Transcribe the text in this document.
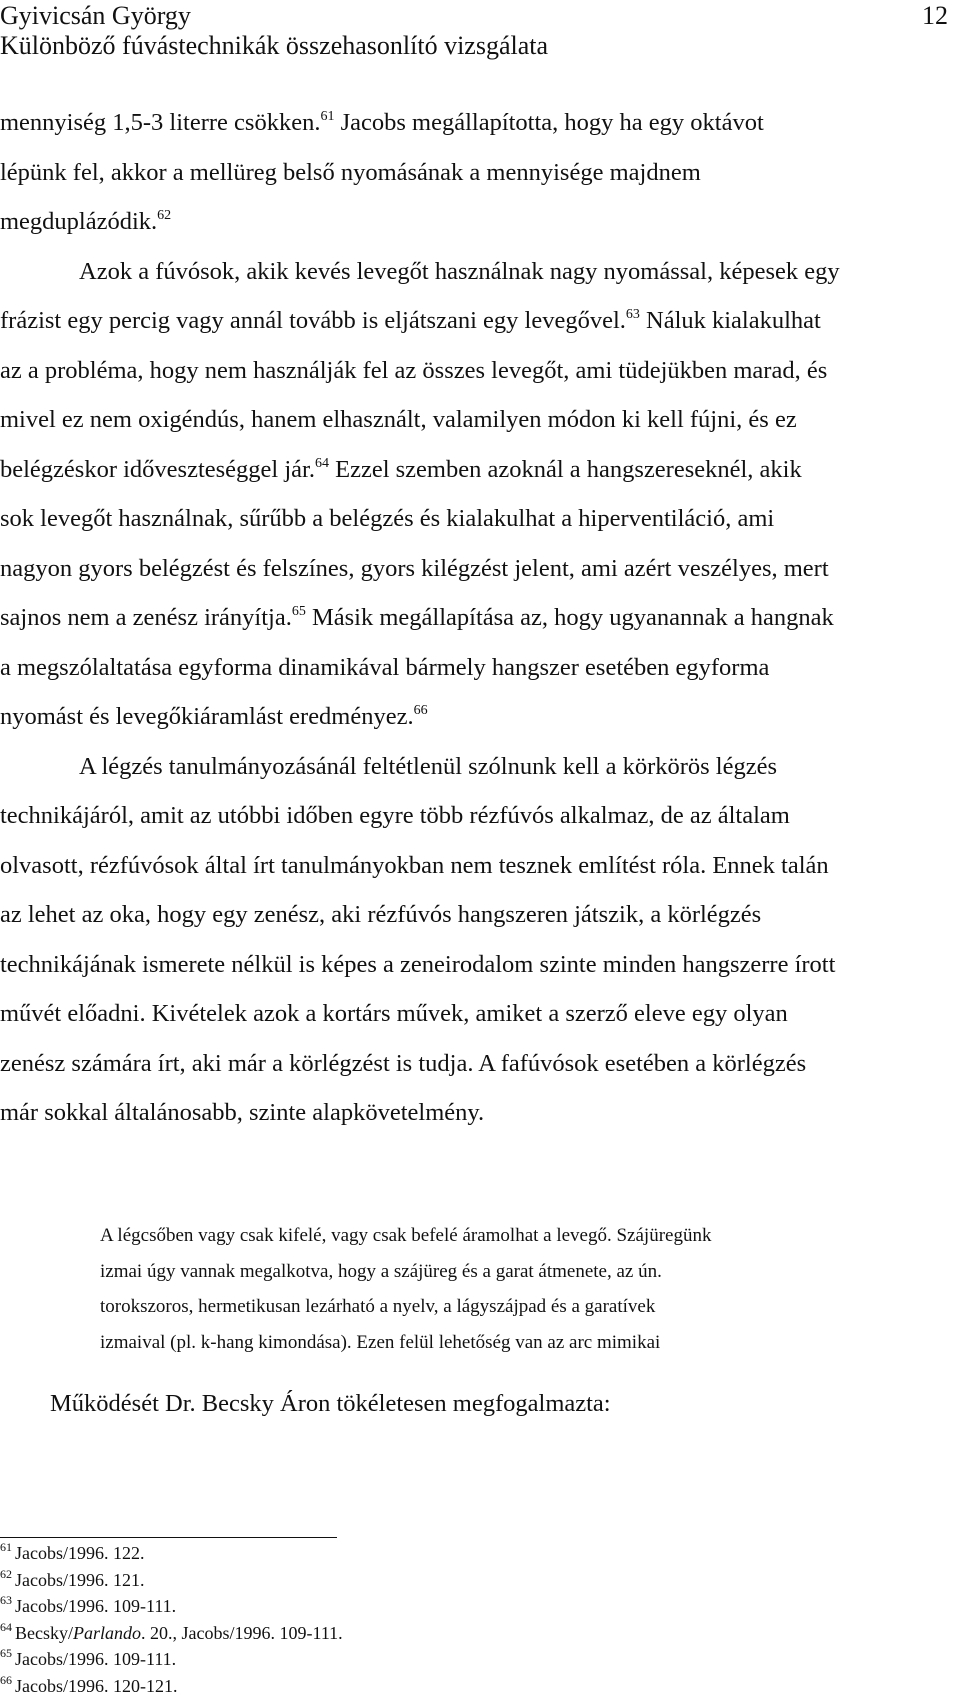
Gyivicsán György	12
Különböző fúvástechnikák összehasonlító vizsgálata

mennyiség 1,5-3 literre csökken.$^{61}$ Jacobs megállapította, hogy ha egy oktávot
lépünk fel, akkor a mellüreg belső nyomásának a mennyisége majdnem
megduplázódik.$^{62}$

Azok a fúvósok, akik kevés levegőt használnak nagy nyomással, képesek egy
frázist egy percig vagy annál tovább is eljátszani egy levegővel.$^{63}$ Náluk kialakulhat
az a probléma, hogy nem használják fel az összes levegőt, ami tüdejükben marad, és
mivel ez nem oxigéndús, hanem elhasznált, valamilyen módon ki kell fújni, és ez
belégzéskor időveszteséggel jár.$^{64}$ Ezzel szemben azoknál a hangszereseknél, akik
sok levegőt használnak, sűrűbb a belégzés és kialakulhat a hiperventiláció, ami
nagyon gyors belégzést és felszínes, gyors kilégzést jelent, ami azért veszélyes, mert
sajnos nem a zenész irányítja.$^{65}$ Másik megállapítása az, hogy ugyanannak a hangnak
a megszólaltatása egyforma dinamikával bármely hangszer esetében egyforma
nyomást és levegőkiáramlást eredményez.$^{66}$

A légzés tanulmányozásánál feltétlenül szólnunk kell a körkörös légzés
technikájáról, amit az utóbbi időben egyre több rézfúvós alkalmaz, de az általam
olvasott, rézfúvósok által írt tanulmányokban nem tesznek említést róla. Ennek talán
az lehet az oka, hogy egy zenész, aki rézfúvós hangszeren játszik, a körlégzés
technikájának ismerete nélkül is képes a zeneirodalom szinte minden hangszerre írott
művét előadni. Kivételek azok a kortárs művek, amiket a szerző eleve egy olyan
zenész számára írt, aki már a körlégzést is tudja. A fafúvósok esetében a körlégzés
már sokkal általánosabb, szinte alapkövetelmény.

Működését Dr. Becsky Áron tökéletesen megfogalmazta:

A légcsőben vagy csak kifelé, vagy csak befelé áramolhat a levegő. Szájüregünk
izmai úgy vannak megalkotva, hogy a szájüreg és a garat átmenete, az ún.
torokszoros, hermetikusan lezárható a nyelv, a lágyszájpad és a garatívek
izmaival (pl. k-hang kimondása). Ezen felül lehetőség van az arc mimikai
$^{61}$ Jacobs/1996. 122.
$^{62}$ Jacobs/1996. 121.
$^{63}$ Jacobs/1996. 109-111.
$^{64}$ Becsky/Parlando. 20., Jacobs/1996. 109-111.
$^{65}$ Jacobs/1996. 109-111.
$^{66}$ Jacobs/1996. 120-121.
